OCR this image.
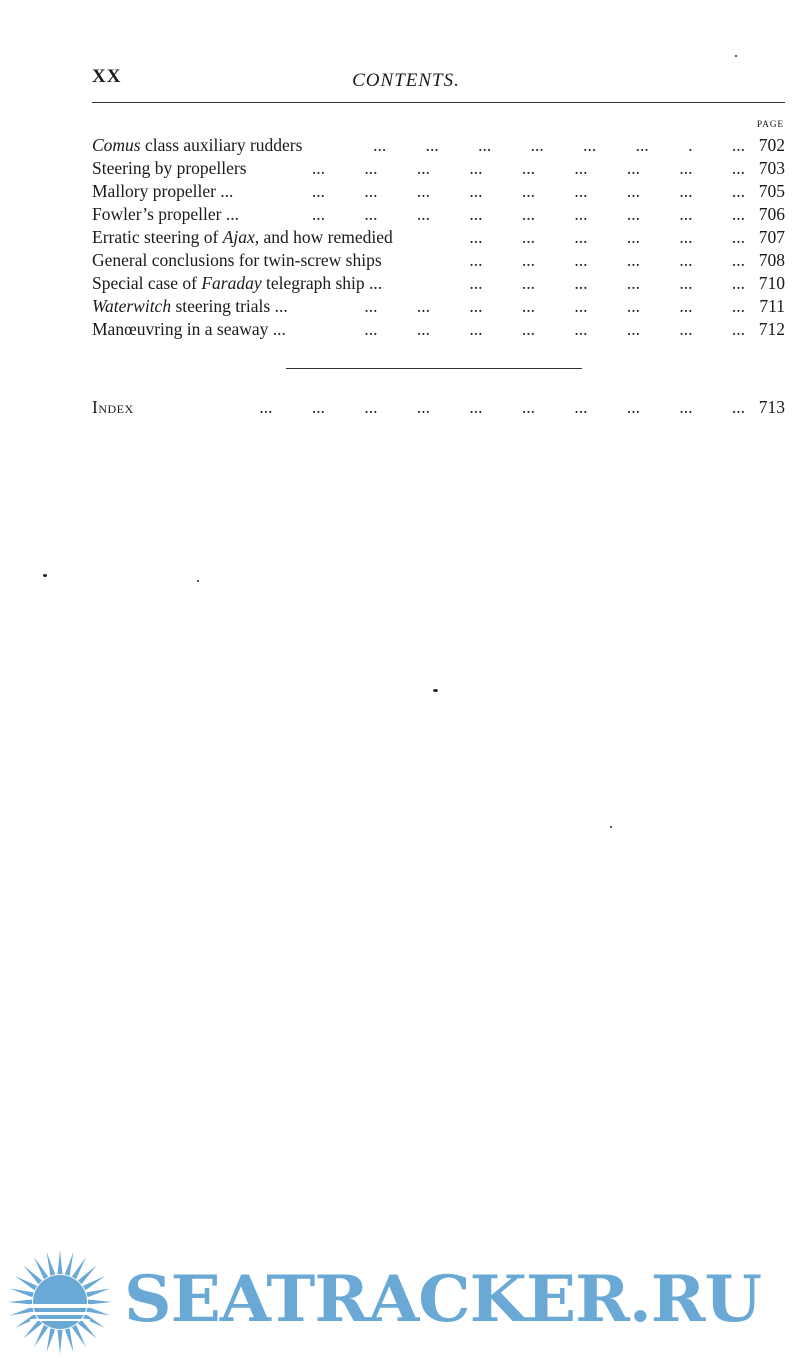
XX	CONTENTS.
PAGE
Comus class auxiliary rudders	... ... ... ... ... ... . ... 702
Steering by propellers	... ... ... ... ... ... ... ... ... 703
Mallory propeller ...	... ... ... ... ... ... ... ... ... 705
Fowler’s propeller ...	... ... ... ... ... ... ... ... ... 706
Erratic steering of Ajax, and how remedied	... ... ... ... ... ... 707
General conclusions for twin-screw ships	... ... ... ... ... ... 708
Special case of Faraday telegraph ship ...	... ... ... ... ... ... 710
Waterwitch steering trials ...	... ... ... ... ... ... ... ... 711
Manœuvring in a seaway ...	... ... ... ... ... ... ... ... 712
Index	... ... ... ... ... ... ... ... ... ... 713
SEATRACKER.RU
